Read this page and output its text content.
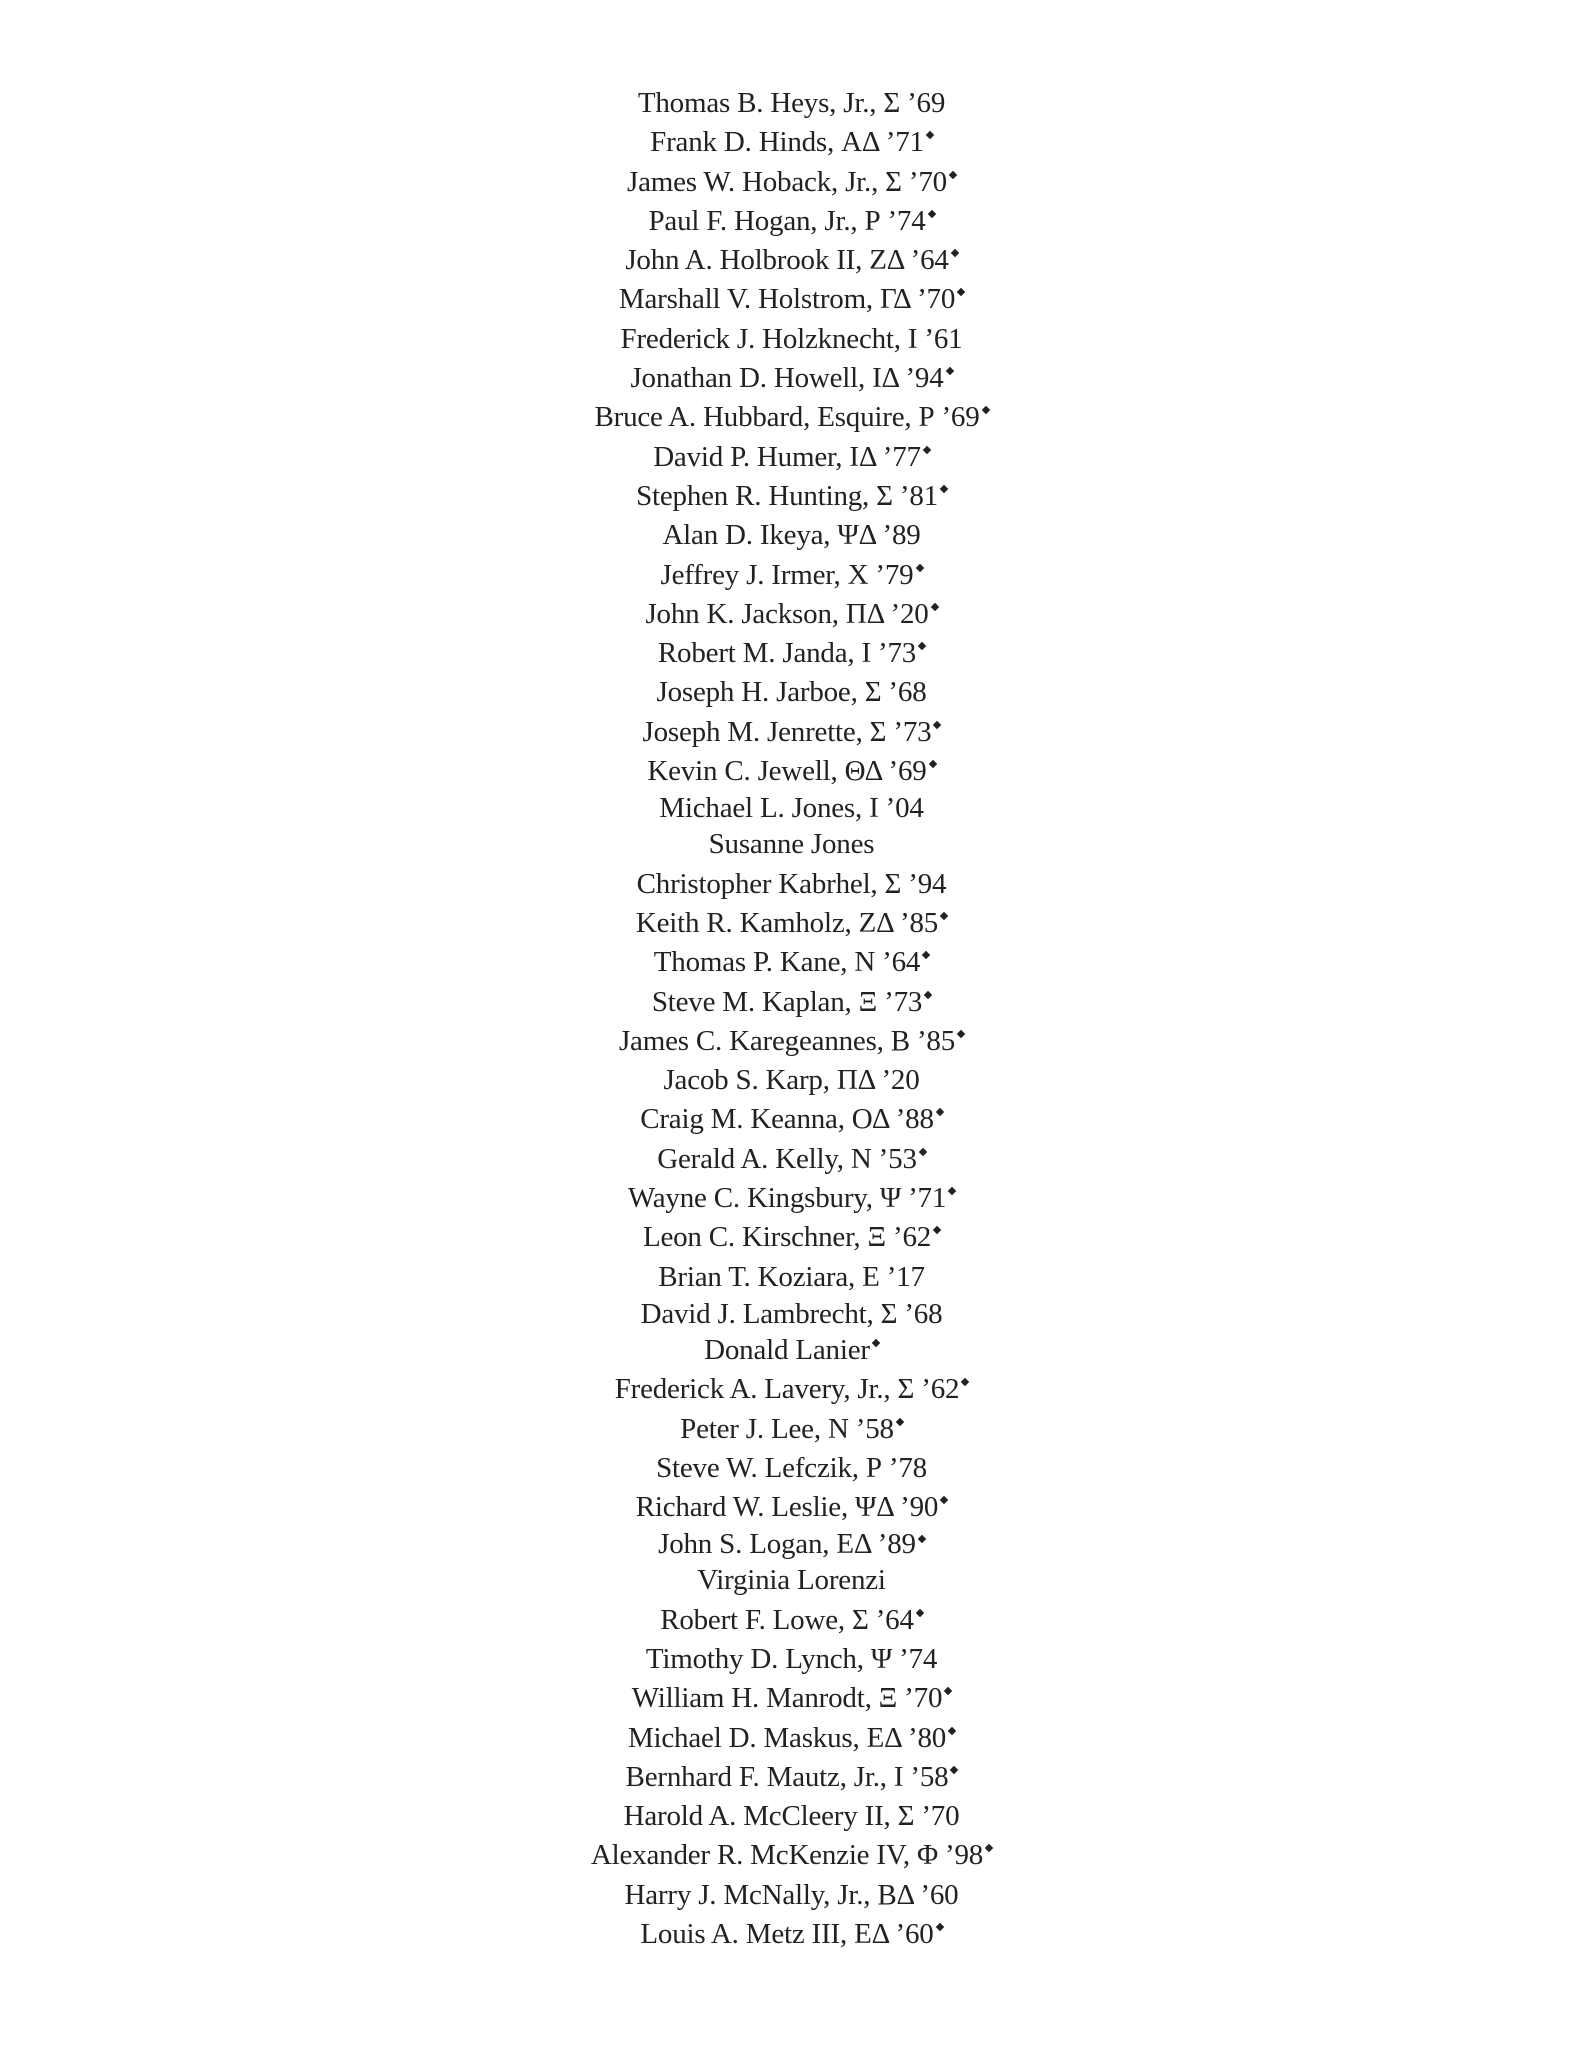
Thomas B. Heys, Jr., Σ ’69
Frank D. Hinds, ΑΔ ’71
James W. Hoback, Jr., Σ ’70
Paul F. Hogan, Jr., Ρ ’74
John A. Holbrook II, ΖΔ ’64
Marshall V. Holstrom, ΓΔ ’70
Frederick J. Holzknecht, Ι ’61
Jonathan D. Howell, ΙΔ ’94
Bruce A. Hubbard, Esquire, Ρ ’69
David P. Humer, ΙΔ ’77
Stephen R. Hunting, Σ ’81
Alan D. Ikeya, ΨΔ ’89
Jeffrey J. Irmer, Χ ’79
John K. Jackson, ΠΔ ’20
Robert M. Janda, Ι ’73
Joseph H. Jarboe, Σ ’68
Joseph M. Jenrette, Σ ’73
Kevin C. Jewell, ΘΔ ’69
Michael L. Jones, Ι ’04
Susanne Jones
Christopher Kabrhel, Σ ’94
Keith R. Kamholz, ΖΔ ’85
Thomas P. Kane, Ν ’64
Steve M. Kaplan, Ξ ’73
James C. Karegeannes, Β ’85
Jacob S. Karp, ΠΔ ’20
Craig M. Keanna, ΟΔ ’88
Gerald A. Kelly, Ν ’53
Wayne C. Kingsbury, Ψ ’71
Leon C. Kirschner, Ξ ’62
Brian T. Koziara, Ε ’17
David J. Lambrecht, Σ ’68
Donald Lanier
Frederick A. Lavery, Jr., Σ ’62
Peter J. Lee, Ν ’58
Steve W. Lefczik, Ρ ’78
Richard W. Leslie, ΨΔ ’90
John S. Logan, ΕΔ ’89
Virginia Lorenzi
Robert F. Lowe, Σ ’64
Timothy D. Lynch, Ψ ’74
William H. Manrodt, Ξ ’70
Michael D. Maskus, ΕΔ ’80
Bernhard F. Mautz, Jr., Ι ’58
Harold A. McCleery II, Σ ’70
Alexander R. McKenzie IV, Φ ’98
Harry J. McNally, Jr., ΒΔ ’60
Louis A. Metz III, ΕΔ ’60
